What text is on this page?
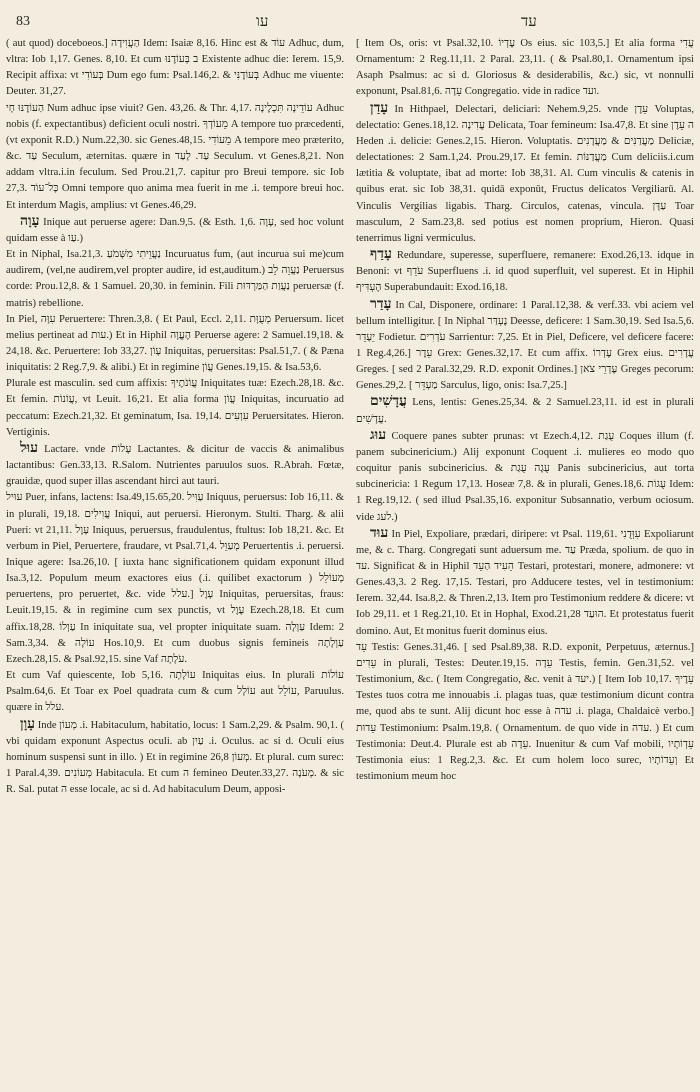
83	עו	עד

( aut quod) doceboeos.] הַעֲוִידָה Idem: Isaiæ 8,16. Hinc est & עוֹד Adhuc, dum, vltra: Iob 1,17. Genes. 8,10. Et cum ב בְּעוֹדֶנּוּ Existente adhuc die: Ierem. 15,9. Recipit affixa: vt בְּעוֹדִי Dum ego fum: Psal.146,2. & בְּעוֹדֶנִּי Adhuc me viuente: Deuter. 31,27.

הַעוֹדֶנּוּ חָי Num adhuc ipse viuit? Gen. 43,26. & Thr. 4,17. עוֹדֵינָה תִּכְלֶינָה Adhuc nobis (f. expectantibus) deficient oculi nostri. מֵעוֹדְךָ A tempore tuo præcedenti, (vt exponit R.D.) Num.22,30. sic Genes.48,15. מֵעוֹדִי A tempore meo præterito, &c. עַד Seculum, æternitas. quære in עַד. לָעַד Seculum. vt Genes.8,21. Non addam vltra.i.in feculum. Sed Prou.21,7. capitur pro Breui tempore. sic Iob 27,3. כָּל־עוֹד Omni tempore quo anima mea fuerit in me .i. tempore breui hoc. Et interdum Magis, amplius: vt Genes.46,29.

עָוָה Inique aut peruerse agere: Dan.9,5. (& Esth. 1,6. עָוָה, sed hoc volunt quidam esse à עַו.)

Et in Niphal, Isa.21,3. נַעֲוֵיתִי מִשְּׁמֹעַ Incuruatus fum, (aut incurua sui me)cum audirem, (vel,ne audirem,vel propter audire, id est,auditum.) נַעֲוֵה לֵב Peruersus corde: Prou.12,8. & 1 Samuel. 20,30. in feminin. Fili נַעֲוַת הַמַּרְדּוּת peruersæ (f. matris) rebellione.

In Piel, עִוָּה Peruertere: Thren.3,8. ( Et Paul, Eccl. 2,11. מְעֻוָּת Peruersum. licet melius pertineat ad עות.) Et in Hiphil הֶעֱוָה Peruerse agere: 2 Samuel.19,18. & 24,18. &c. Peruertere: Iob 33,27. עָוֹן Iniquitas, peruersitas: Psal.51,7. ( & Pæna iniquitatis: 2 Reg.7,9. & alibi.) Et in regimine עֲוֹן Genes.19,15. & Isa.53,6.

Plurale est masculin. sed cum affixis: עֲוֹנֹתֶיךָ Iniquitates tuæ: Ezech.28,18. &c. Et femin. עֲוֹנוֹת, vt Leuit. 16,21. Et alia forma עֲוֹן Iniquitas, incuruatio ad peccatum: Ezech.21,32. Et geminatum, Isa. 19,14. עִוְעִים Peruersitates. Hieron. Vertiginis.

עוּל Lactare. vnde עָלוֹת Lactantes. & dicitur de vaccis & animalibus lactantibus: Gen.33,13. R.Salom. Nutrientes paruulos suos. R.Abrah. Fœtæ, grauidæ, quod super illas ascendant hirci aut tauri.

עוּיל Puer, infans, lactens: Isa.49,15.65,20. עַוִּיל Iniquus, peruersus: Iob 16,11. & in plurali, 19,18. עֲוִילִים Iniqui, aut peruersi. Hieronym. Stulti. Tharg. & alii Pueri: vt 21,11. עָוֶל Iniquus, peruersus, fraudulentus, ftultus: Iob 18,21. &c. Et verbum in Piel, Peruertere, fraudare, vt Psal.71,4. מְעַוֵּל Peruertentis .i. peruersi. Inique agere: Isa.26,10. [ iuxta hanc significationem quidam exponunt illud Isa.3,12. Populum meum exactores eius (.i. quilibet exactorum ) מְעוֹלֵל peruertens, pro peruertet, &c. vide עלל.] עָוֶל Iniquitas, peruersitas, fraus: Leuit.19,15. & in regimine cum sex punctis, vt עֶוֶל Ezech.28,18. Et cum affix.18,28. עַוְלוֹ In iniquitate sua, vel propter iniquitate suam. עַוְלָה Idem: 2 Sam.3,34. & עוֹלָה Hos.10,9. Et cum duobus signis femineis עַוְלָתָה Ezech.28,15. & Psal.92,15. sine Vaf עֹלָתָה.

Et cum Vaf quiescente, Iob 5,16. עוֹלָתָה Iniquitas eius. In plurali עוֹלוֹת Psalm.64,6. Et Toar ex Poel quadrata cum & cum עוֹלָל aut עוֹלֵל, Paruulus. quære in עלל.

עָוָן Inde מְעוֹן .i. Habitaculum, habitatio, locus: 1 Sam.2,29. & Psalm. 90,1. ( vbi quidam exponunt Aspectus oculi. ab עַיִן .i. Oculus. ac si d. Oculi eius hominum suspensi sunt in illo. ) Et in regimine מְעוֹן 26,8. Et plural. cum surec: 1 Paral.4,39. מְעוֹנִים Habitacula. Et cum ה femineo Deuter.33,27. מְעֹנָה. & sic R. Sal. putat ה esse locale, ac si d. Ad habitaculum Deum, apposi-

[ Item Os, oris: vt Psal.32,10. עֶדְיוֹ Os eius. sic 103,5.] Et alia forma עֲדִי Ornamentum: 2 Reg.11,11. 2 Paral. 23,11. ( & Psal.80,1. Ornamentum ipsi Asaph Psalmus: ac si d. Gloriosus & desiderabilis, &c.) sic, vt nonnulli exponunt, Psal.81,6. עֵדָה Congregatio. vide in radice ועד.

עָדַן In Hithpael, Delectari, deliciari: Nehem.9,25. vnde עֵדֶן Voluptas, delectatio: Genes.18,12. עֲדִינָה Delicata, Toar femineum: Isa.47,8. Et sine ה עֵדֶן Heden .i. delicie: Genes.2,15. Hieron. Voluptatis. מַעֲדַנִּים & מַעֲדָנִים Deliciæ, delectationes: 2 Sam.1,24. Prou.29,17. Et femin. מַעֲדַנּוֹת Cum deliciis.i.cum lætitia & voluptate, ibat ad morte: Iob 38,31. Al. Cum vinculis & catenis in quibus erat. sic Iob 38,31. quidā exponūt, Fructus delicatos Vergiliarū. Al. Vinculis Vergilias ligabis. Tharg. Circulos, catenas, vincula. עַדָּן Toar masculum, 2 Sam.23,8. sed potius est nomen proprium, Hieron. Quasi tenerrimus ligni vermiculus.

עָדַף Redundare, superesse, superfluere, remanere: Exod.26,13. idque in Benoni: vt עֹדֵף Superfluens .i. id quod superfluit, vel superest. Et in Hiphil הֶעְדִּיף Superabundauit: Exod.16,18.

עָדַר In Cal, Disponere, ordinare: 1 Paral.12,38. & verf.33. vbi aciem vel bellum intelligitur. [ In Niphal נֶעְדַּר Deesse, deficere: 1 Sam.30,19. Sed Isa.5,6. יֵעָדֵר Fodietur. עֹדְרִים Sarrientur: 7,25. Et in Piel, Deficere, vel deficere facere: 1 Reg.4,26.] עֵדֶר Grex: Genes.32,17. Et cum affix. עֶדְרוֹ Grex eius. עֲדָרִים Greges. [ sed 2 Paral.32,29. R.D. exponit Ordines.] עֶדְרֵי צֹאן Greges pecorum: Genes.29,2. [ מַעְדֵּר Sarculus, ligo, onis: Isa.7,25.]

עֲדָשִׁים Lens, lentis: Genes.25,34. & 2 Samuel.23,11. id est in plurali עֲדָשִׁים.

עוּג Coquere panes subter prunas: vt Ezech.4,12. עֻגַת Coques illum (f. panem subcinericium.) Alij exponunt Coquent .i. mulieres eo modo quo coquitur panis subcinericius. & עֻגָה עֻגַת Panis subcinericius, aut torta subcinericia: 1 Regum 17,13. Hoseæ 7,8. & in plurali, Genes.18,6. עֻגוֹת Idem: 1 Reg.19,12. ( sed illud Psal.35,16. exponitur Subsannatio, verbum ociosum. vide לעג.)

עוּד In Piel, Expoliare, prædari, diripere: vt Psal. 119,61. עִוְּדֻנִי Expoliarunt me, & c. Tharg. Congregati sunt aduersum me. עַד Præda, spolium. de quo in עד. Significat & in Hiphil הֵעִיד הַעֵד Testari, protestari, monere, admonere: vt Genes.43,3. 2 Reg. 17,15. Testari, pro Adducere testes, vel in testimonium: Ierem. 32,44. Isa.8,2. & Thren.2,13. Item pro Testimonium reddere & dicere: vt Iob 29,11. et 1 Reg.21,10. Et in Hophal, Exod.21,28 הוּעַד. Et protestatus fuerit domino. Aut, Et monitus fuerit dominus eius.

עֵד Testis: Genes.31,46. [ sed Psal.89,38. R.D. exponit, Perpetuus, æternus.] עֵדִים in plurali, Testes: Deuter.19,15. עֵדָה Testis, femin. Gen.31,52. vel Testimonium, &c. ( Item Congregatio, &c. venit à יעד.) [ Item Iob 10,17. עֵדֶיךָ Testes tuos cotra me innouabis .i. plagas tuas, quæ testimonium dicunt contra me, quod abs te sunt. Alij dicunt hoc esse à עדה .i. plaga, Chaldaicè verbo.] עֵדוּת Testimonium: Psalm.19,8. ( Ornamentum. de quo vide in עדה. ) Et cum Testimonia: Deut.4. Plurale est ab עֵדָה. Inuenitur & cum Vaf mobili, עֵדְוֹתָיו Testimonia eius: 1 Reg.2,3. &c. Et cum holem loco surec, וְעֵדוֹתָיו Et testimonium meum hoc
